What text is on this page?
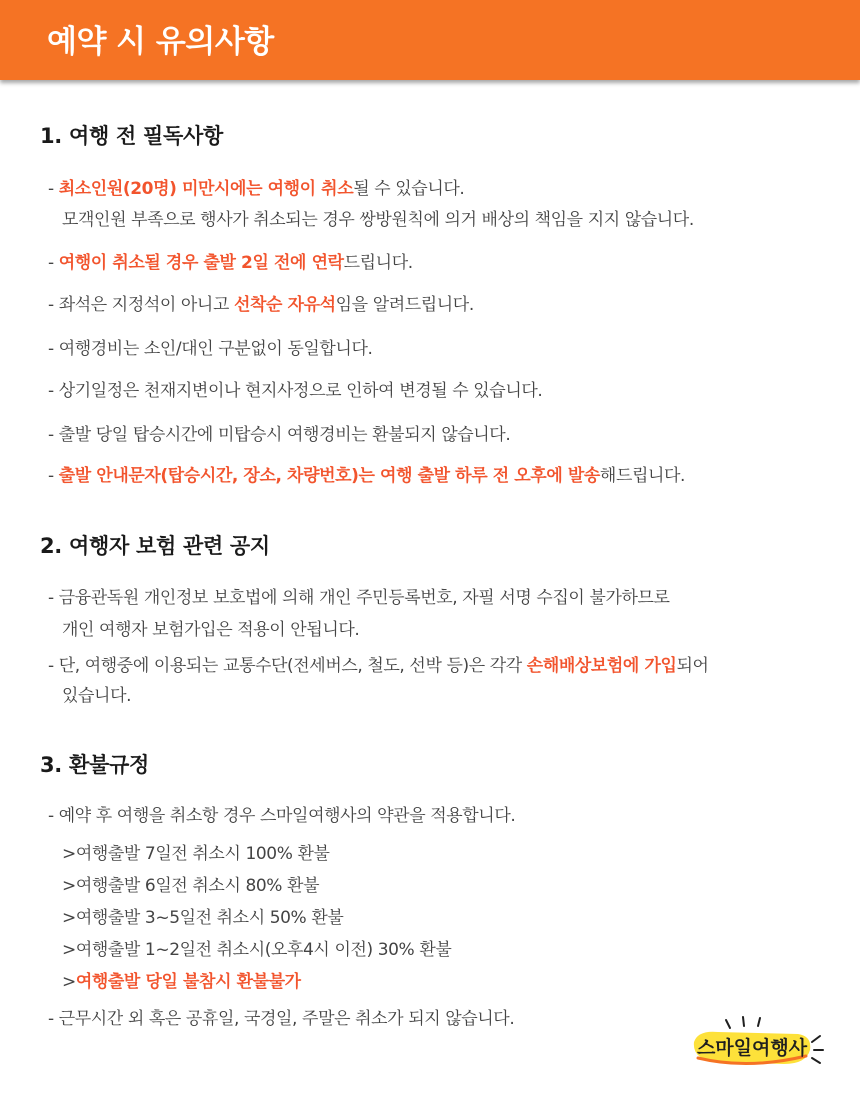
예약 시 유의사항
1. 여행 전 필독사항

- 최소인원(20명) 미만시에는 여행이 취소될 수 있습니다.

모객인원 부족으로 행사가 취소되는 경우 쌍방원칙에 의거 배상의 책임을 지지 않습니다.

- 여행이 취소될 경우 출발 2일 전에 연락드립니다.

- 좌석은 지정석이 아니고 선착순 자유석임을 알려드립니다.

- 여행경비는 소인/대인 구분없이 동일합니다.

- 상기일정은 천재지변이나 현지사정으로 인하여 변경될 수 있습니다.

- 출발 당일 탑승시간에 미탑승시 여행경비는 환불되지 않습니다.

- 출발 안내문자(탑승시간, 장소, 차량번호)는 여행 출발 하루 전 오후에 발송해드립니다.

2. 여행자 보험 관련 공지

- 금융관독원 개인정보 보호법에 의해 개인 주민등록번호, 자필 서명 수집이 불가하므로

개인 여행자 보험가입은 적용이 안됩니다.

- 단, 여행중에 이용되는 교통수단(전세버스, 철도, 선박 등)은 각각 손해배상보험에 가입되어

있습니다.

3. 환불규정

- 예약 후 여행을 취소항 경우 스마일여행사의 약관을 적용합니다.

>여행출발 7일전 취소시 100% 환불

>여행출발 6일전 취소시 80% 환불

>여행출발 3~5일전 취소시 50% 환불

>여행출발 1~2일전 취소시(오후4시 이전) 30% 환불

>여행출발 당일 불참시 환불불가

- 근무시간 외 혹은 공휴일, 국경일, 주말은 취소가 되지 않습니다.

스마일여행사
